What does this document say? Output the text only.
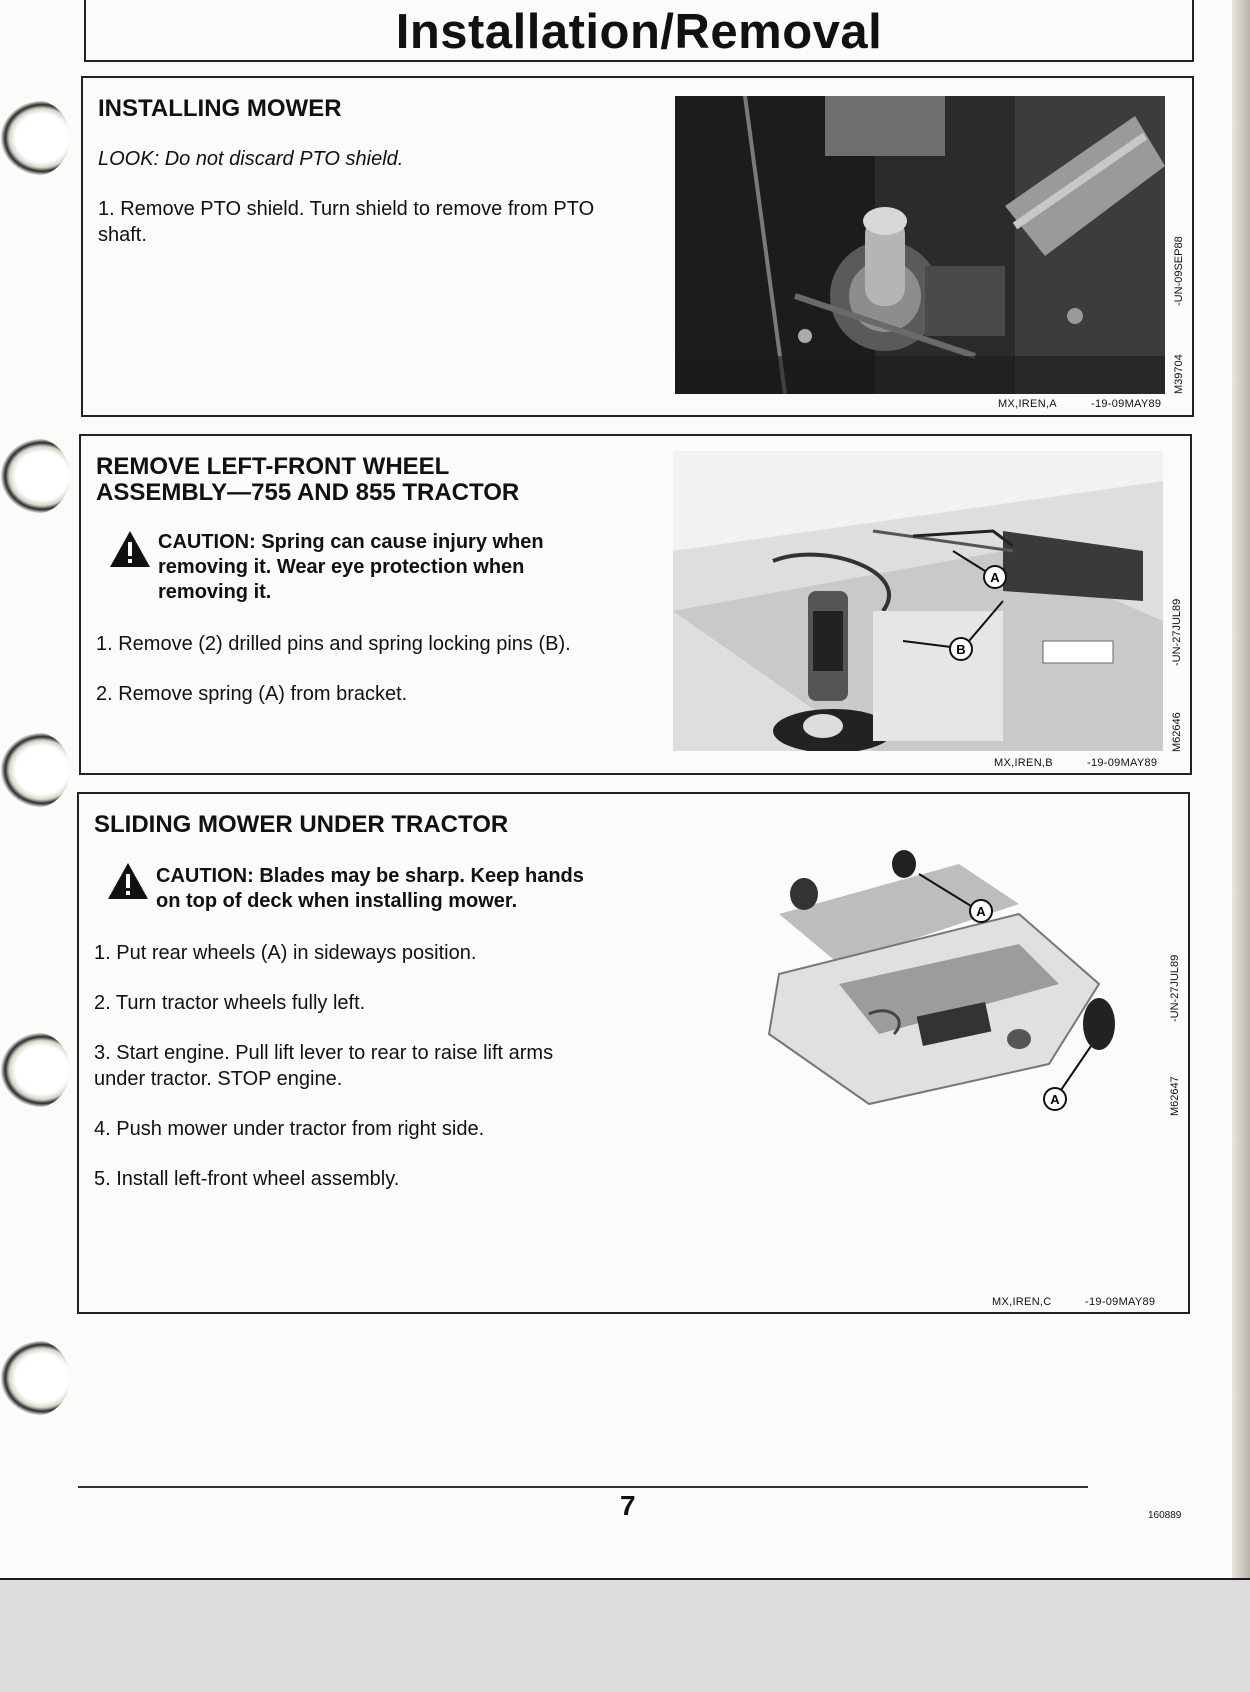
Installation/Removal
INSTALLING MOWER
LOOK: Do not discard PTO shield.
1. Remove PTO shield. Turn shield to remove from PTO shaft.
M39704
-UN-09SEP88
MX,IREN,A	-19-09MAY89
REMOVE LEFT-FRONT WHEEL
ASSEMBLY—755 AND 855 TRACTOR
CAUTION: Spring can cause injury when
removing it. Wear eye protection when
removing it.
1. Remove (2) drilled pins and spring locking pins (B).
2. Remove spring (A) from bracket.
A
B
M62646
-UN-27JUL89
MX,IREN,B	-19-09MAY89
SLIDING MOWER UNDER TRACTOR
CAUTION: Blades may be sharp. Keep hands
on top of deck when installing mower.
1. Put rear wheels (A) in sideways position.
2. Turn tractor wheels fully left.
3. Start engine. Pull lift lever to rear to raise lift arms
under tractor. STOP engine.
4. Push mower under tractor from right side.
5. Install left-front wheel assembly.
A
A	M62647
-UN-27JUL89
MX,IREN,C	-19-09MAY89
7	160889
